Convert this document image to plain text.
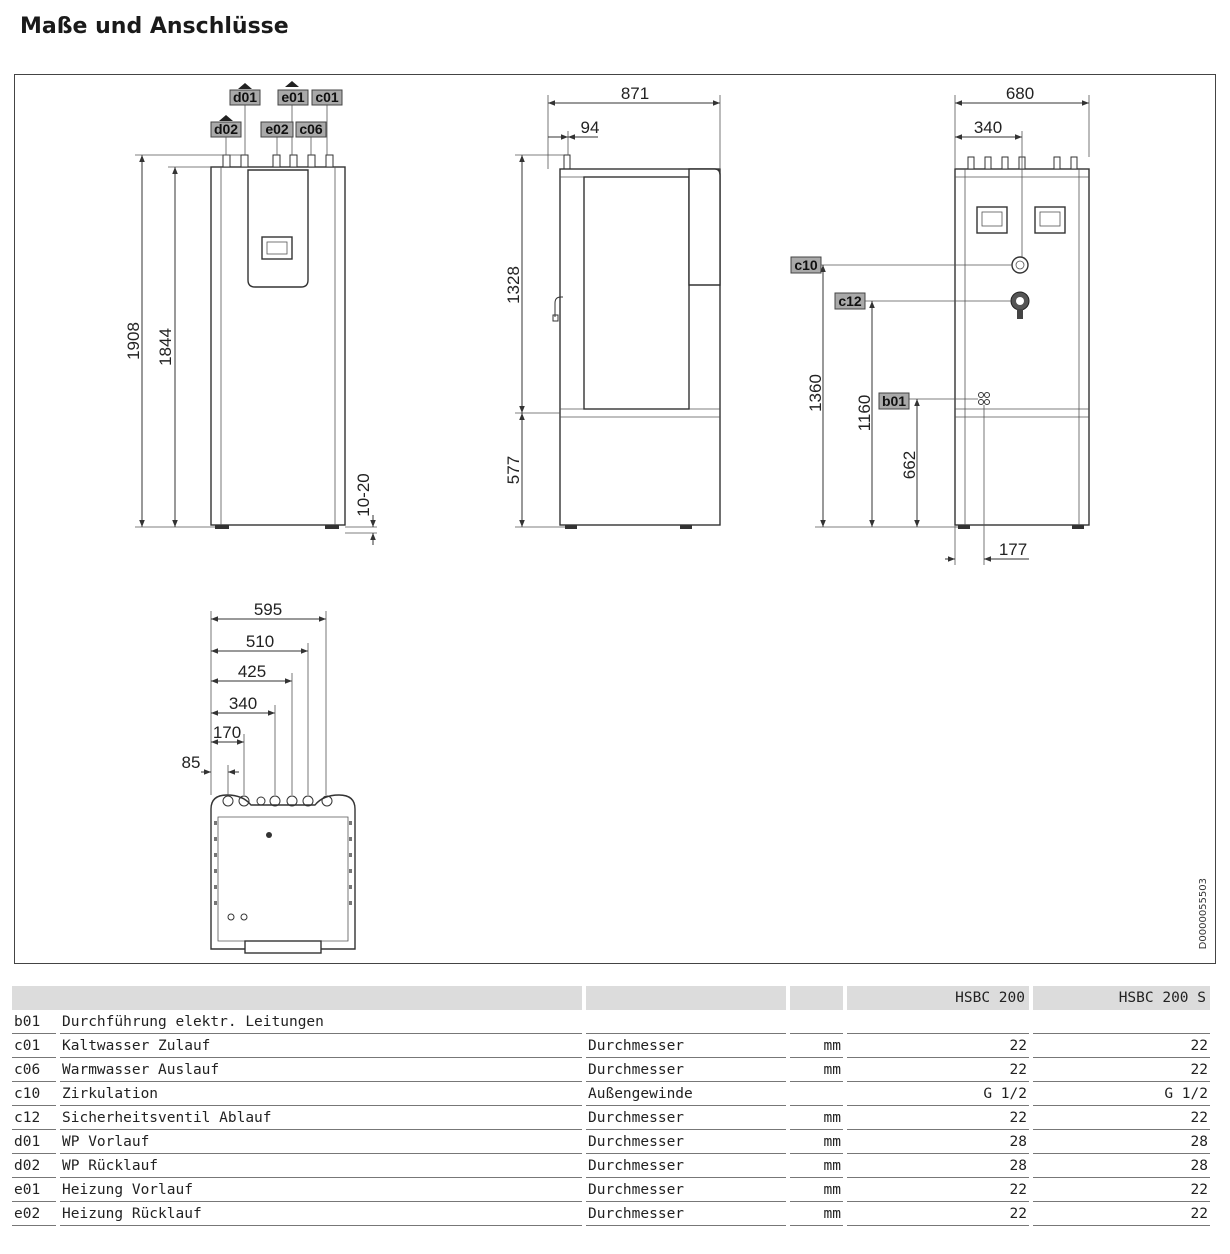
Maße und Anschlüsse
d01 e01 c01
d02 e02 c06
1908 1844
10-20
871
94
1328
577
680
340
c10
c12
b01
1360
1160
662
177
595
510
425
340
170
85
D0000055503

				HSBC 200	HSBC 200 S

b01	Durchführung elektr. Leitungen				

c01	Kaltwasser Zulauf	Durchmesser	mm	22	22

c06	Warmwasser Auslauf	Durchmesser	mm	22	22

c10	Zirkulation	Außengewinde		G 1/2	G 1/2

c12	Sicherheitsventil Ablauf	Durchmesser	mm	22	22

d01	WP Vorlauf	Durchmesser	mm	28	28

d02	WP Rücklauf	Durchmesser	mm	28	28

e01	Heizung Vorlauf	Durchmesser	mm	22	22

e02	Heizung Rücklauf	Durchmesser	mm	22	22
